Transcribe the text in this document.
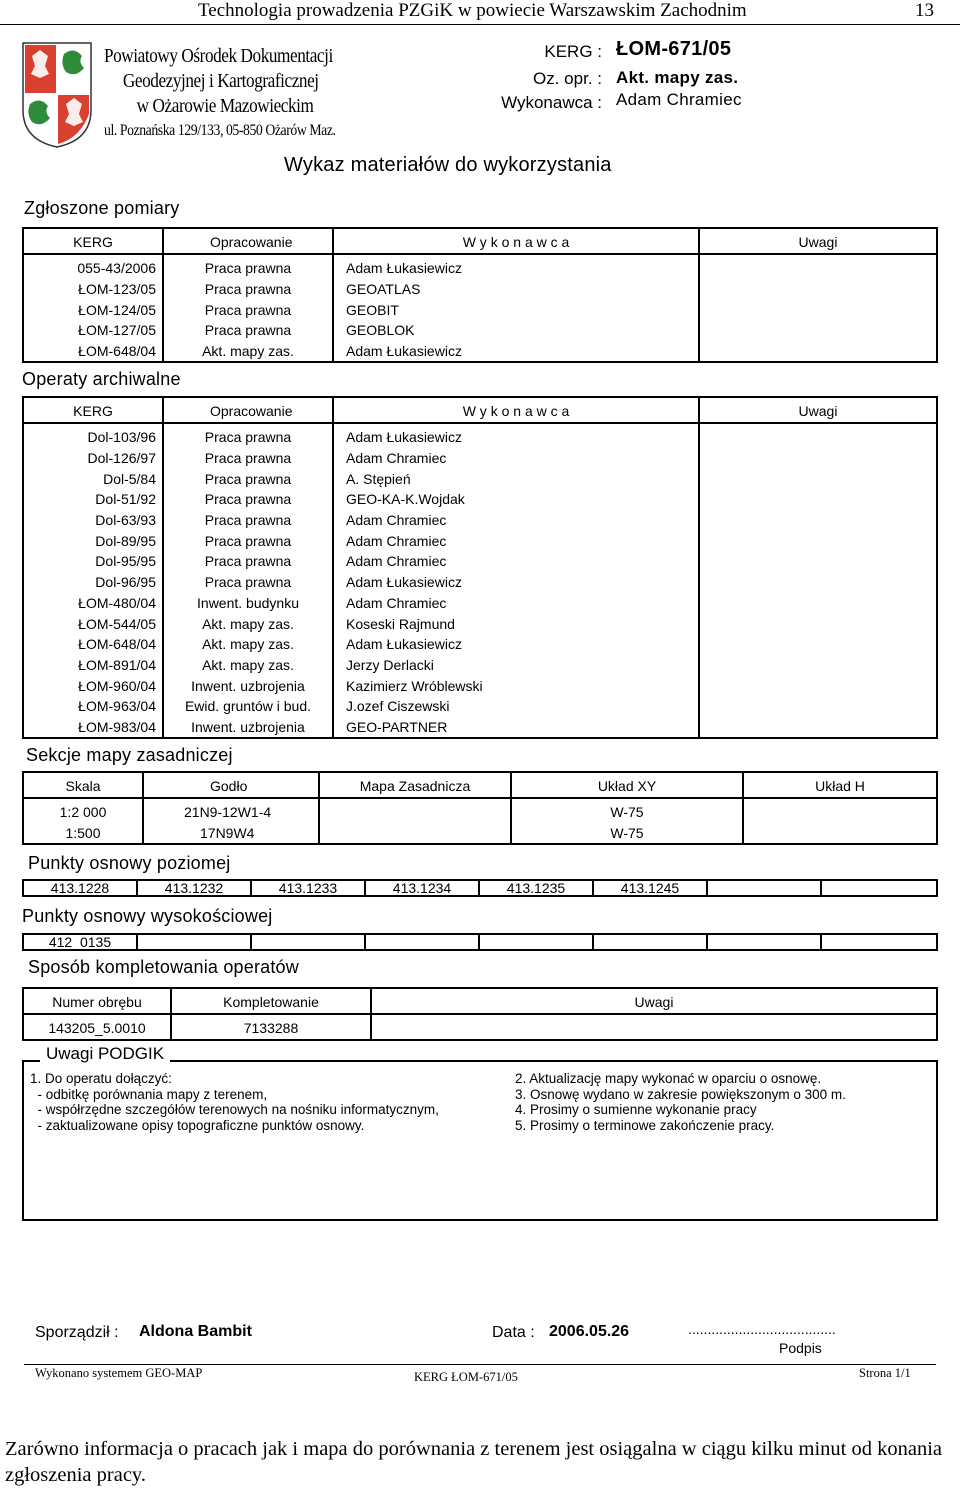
Technologia prowadzenia PZGiK w powiecie Warszawskim Zachodnim	13
Powiatowy Ośrodek Dokumentacji
Geodezyjnej i Kartograficznej
w Ożarowie Mazowieckim
ul. Poznańska 129/133, 05-850 Ożarów Maz.
KERG : ŁOM-671/05
Oz. opr. : Akt. mapy zas.
Wykonawca : Adam Chramiec
Wykaz materiałów do wykorzystania
Zgłoszone pomiary
KERG	Opracowanie	W y k o n a w c a	Uwagi
055-43/2006	Praca prawna	Adam Łukasiewicz	
ŁOM-123/05	Praca prawna	GEOATLAS	
ŁOM-124/05	Praca prawna	GEOBIT	
ŁOM-127/05	Praca prawna	GEOBLOK	
ŁOM-648/04	Akt. mapy zas.	Adam Łukasiewicz	
Operaty archiwalne
KERG	Opracowanie	W y k o n a w c a	Uwagi
Dol-103/96	Praca prawna	Adam Łukasiewicz	
Dol-126/97	Praca prawna	Adam Chramiec	
Dol-5/84	Praca prawna	A. Stępień	
Dol-51/92	Praca prawna	GEO-KA-K.Wojdak	
Dol-63/93	Praca prawna	Adam Chramiec	
Dol-89/95	Praca prawna	Adam Chramiec	
Dol-95/95	Praca prawna	Adam Chramiec	
Dol-96/95	Praca prawna	Adam Łukasiewicz	
ŁOM-480/04	Inwent. budynku	Adam Chramiec	
ŁOM-544/05	Akt. mapy zas.	Koseski Rajmund	
ŁOM-648/04	Akt. mapy zas.	Adam Łukasiewicz	
ŁOM-891/04	Akt. mapy zas.	Jerzy Derlacki	
ŁOM-960/04	Inwent. uzbrojenia	Kazimierz Wróblewski	
ŁOM-963/04	Ewid. gruntów i bud.	J.ozef Ciszewski	
ŁOM-983/04	Inwent. uzbrojenia	GEO-PARTNER	
Sekcje mapy zasadniczej
Skala	Godło	Mapa Zasadnicza	Układ XY	Układ H
1:2 000	21N9-12W1-4		W-75	
1:500	17N9W4		W-75	
Punkty osnowy poziomej
413.1228	413.1232	413.1233	413.1234	413.1235	413.1245		
Punkty osnowy wysokościowej
412_0135							
Sposób kompletowania operatów
Numer obrębu	Kompletowanie	Uwagi
143205_5.0010	7133288	
Uwagi PODGIK
1. Do operatu dołączyć:
- odbitkę porównania mapy z terenem,
- współrzędne szczegółów terenowych na nośniku informatycznym,
- zaktualizowane opisy topograficzne punktów osnowy.
2. Aktualizację mapy wykonać w oparciu o osnowę.
3. Osnowę wydano w zakresie powiększonym o 300 m.
4. Prosimy o sumienne wykonanie pracy
5. Prosimy o terminowe zakończenie pracy.
Sporządził : Aldona Bambit	Data : 2006.05.26	......................................
Podpis
Wykonano systemem GEO-MAP	KERG ŁOM-671/05	Strona 1/1
Zarówno informacja o pracach jak i mapa do porównania z terenem jest osiągalna w ciągu kilku minut od konania zgłoszenia pracy.
